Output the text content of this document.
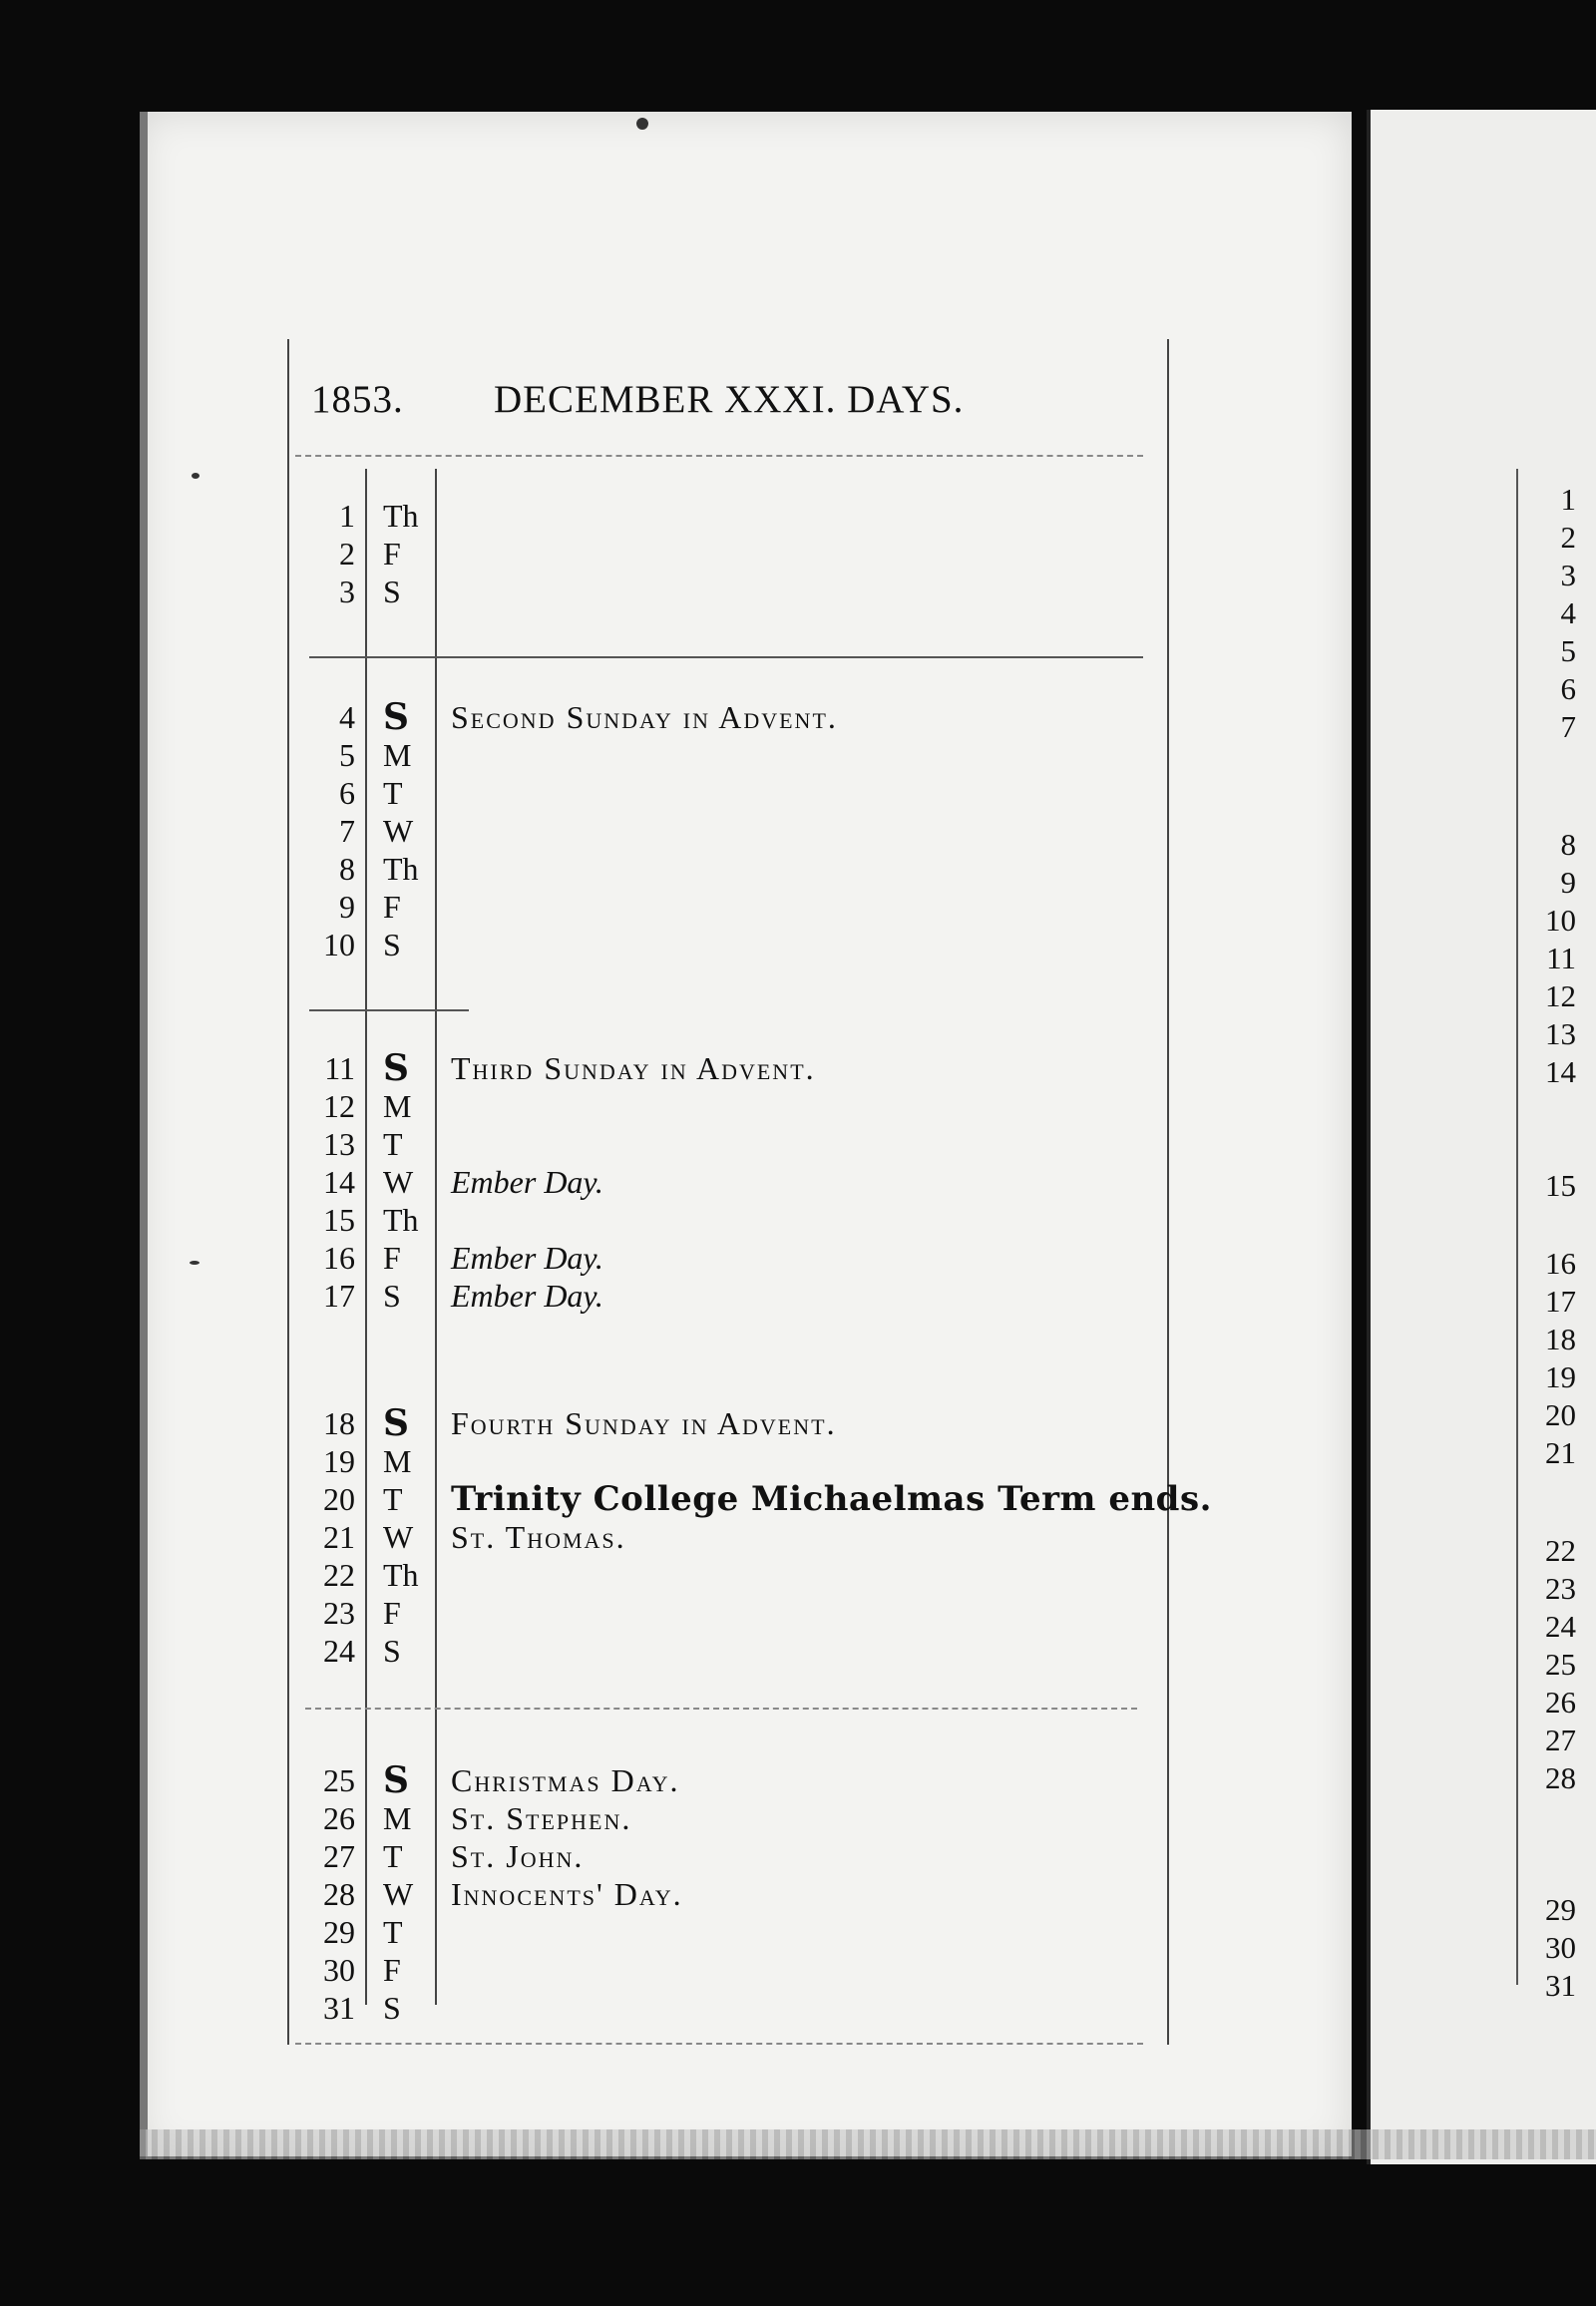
1853. DECEMBER XXXI. DAYS.
1 Th
2 F
3 S
4 S	Second Sunday in Advent.
5 M
6 T
7 W
8 Th
9 F
10 S
11 S	Third Sunday in Advent.
12 M
13 T
14 W	Ember Day.
15 Th
16 F	Ember Day.
17 S	Ember Day.
18 S	Fourth Sunday in Advent.
19 M
20 T	Trinity College Michaelmas Term ends.
21 W	St. Thomas.
22 Th
23 F
24 S
25 S	Christmas Day.
26 M	St. Stephen.
27 T	St. John.
28 W	Innocents' Day.
29 T
30 F
31 S
1
2
3
4
5
6
7
8
9
10
11
12
13
14
15
16
17
18
19
20
21
22
23
24
25
26
27
28
29
30
31
